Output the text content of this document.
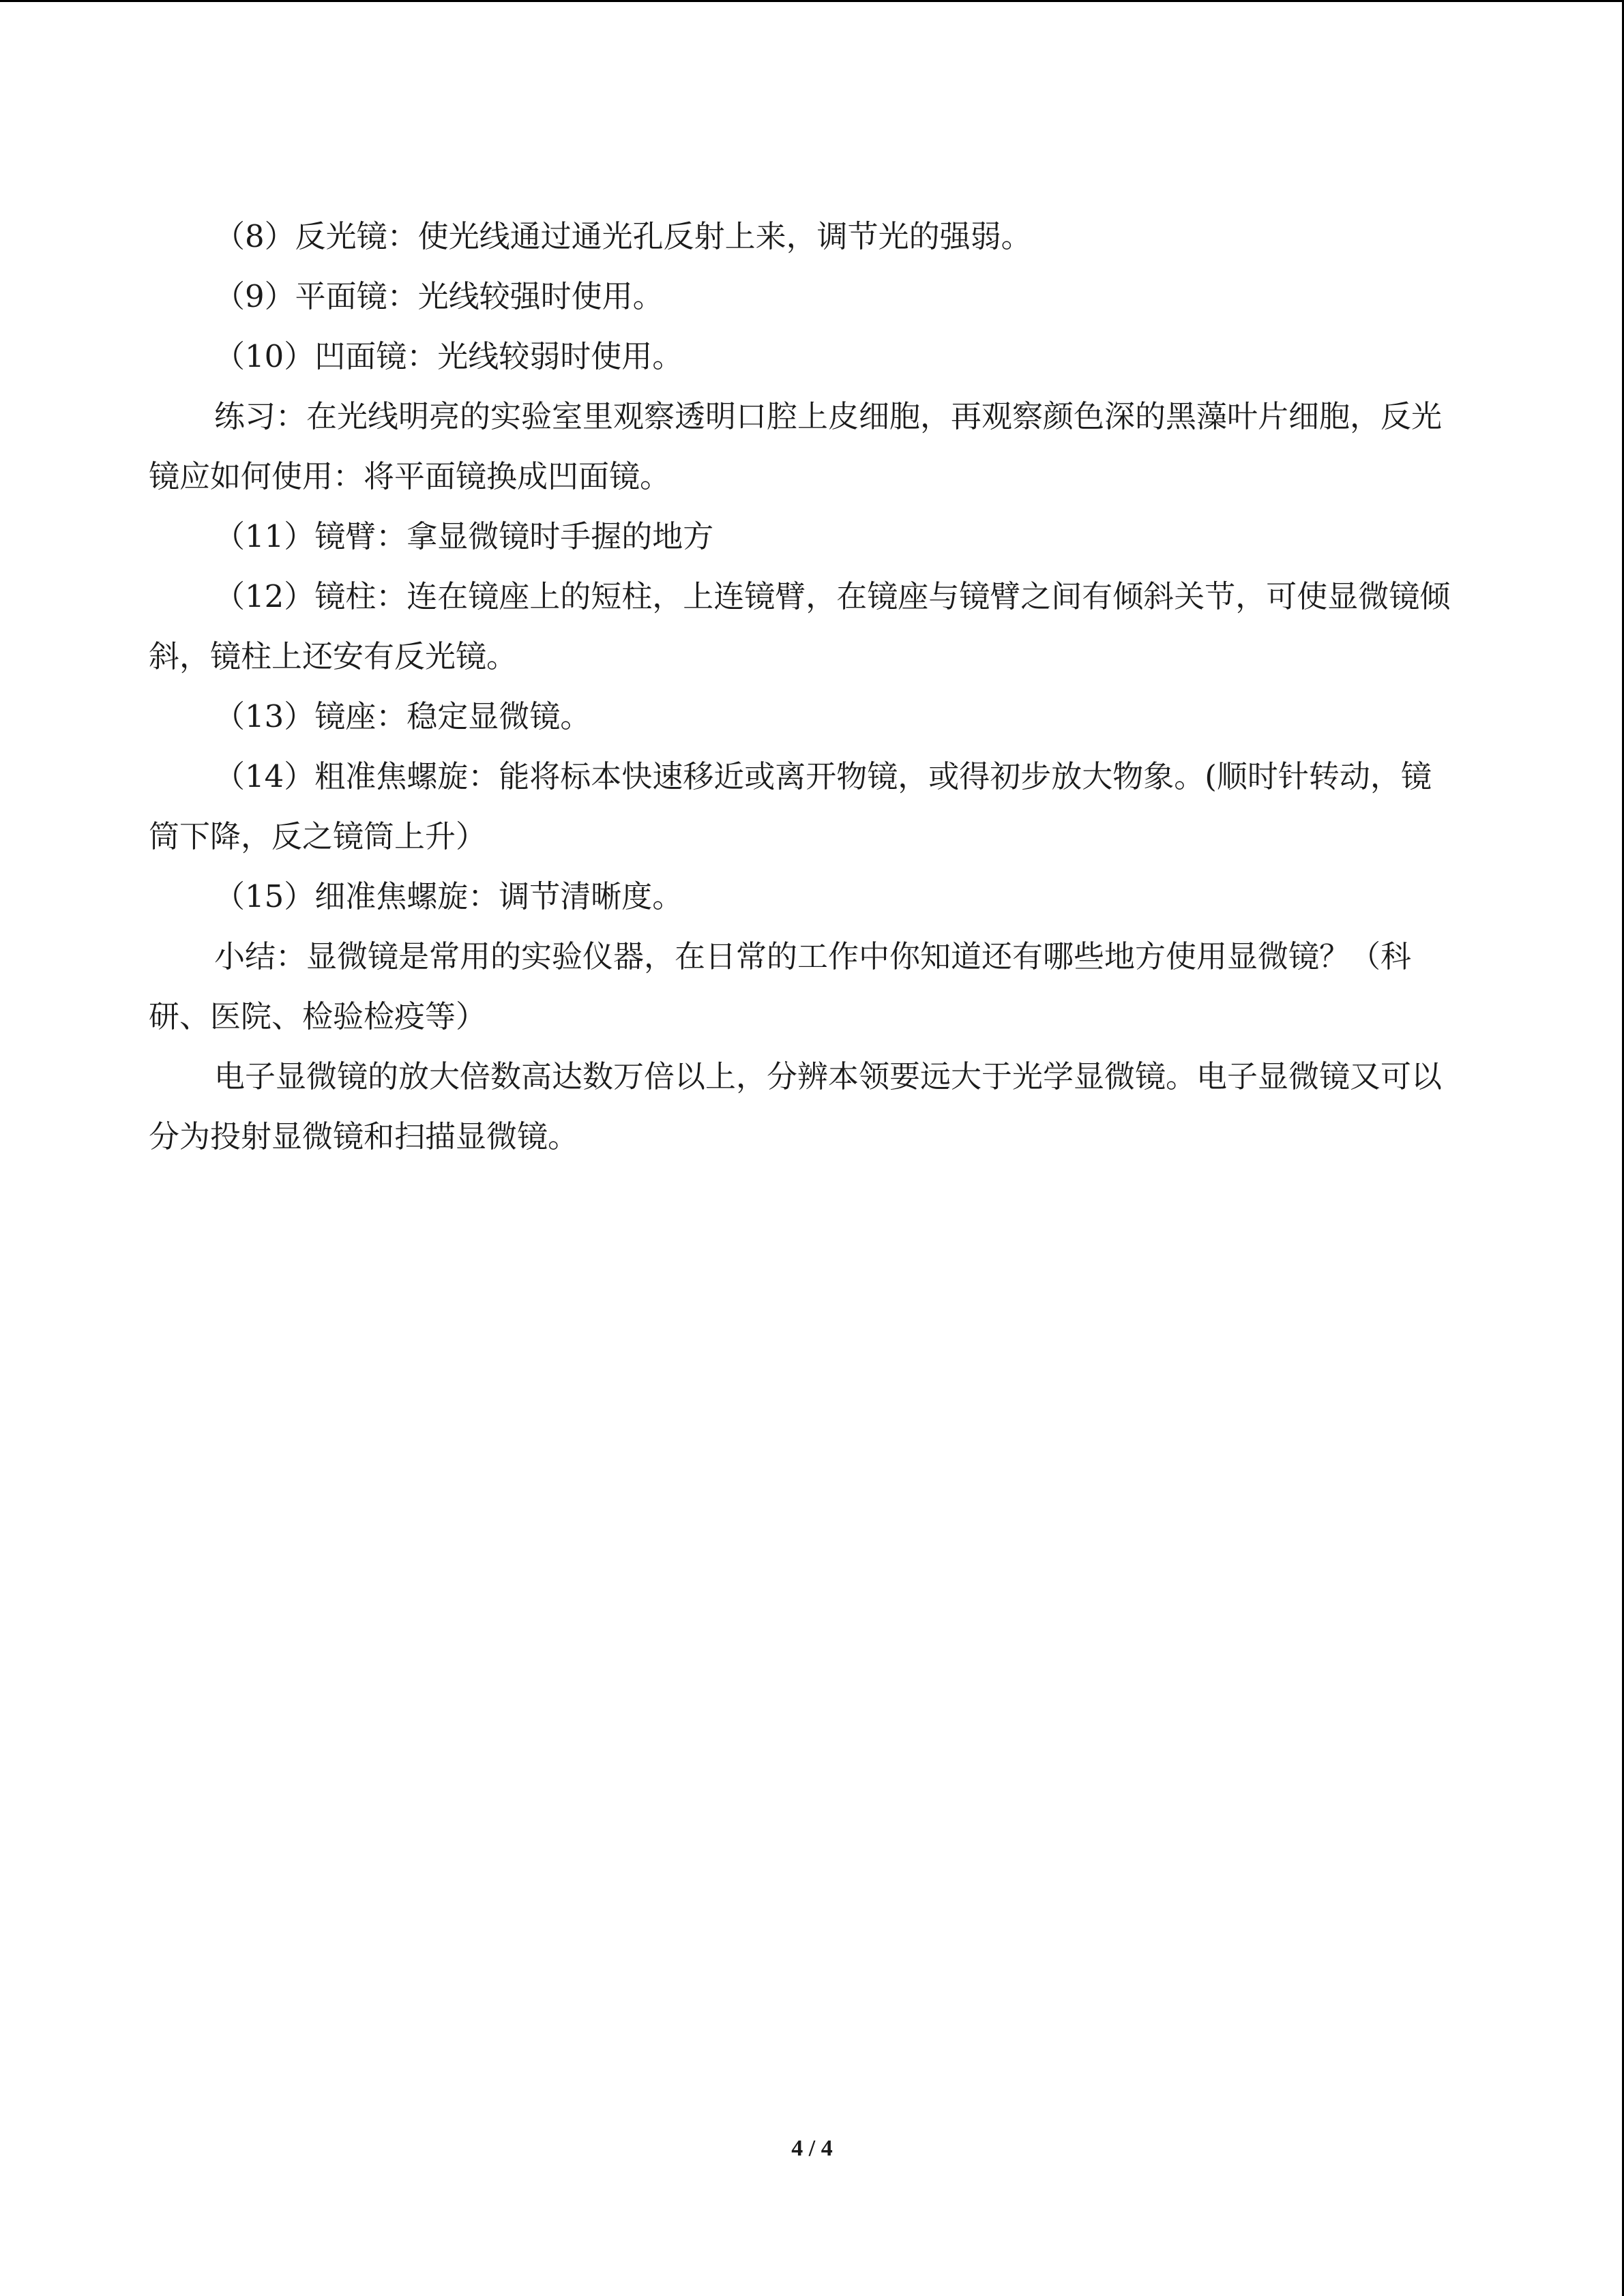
（8）反光镜：使光线通过通光孔反射上来，调节光的强弱。

（9）平面镜：光线较强时使用。

（10）凹面镜：光线较弱时使用。

练习：在光线明亮的实验室里观察透明口腔上皮细胞，再观察颜色深的黑藻叶片细胞，反光镜应如何使用：将平面镜换成凹面镜。

（11）镜臂：拿显微镜时手握的地方

（12）镜柱：连在镜座上的短柱，上连镜臂，在镜座与镜臂之间有倾斜关节，可使显微镜倾斜，镜柱上还安有反光镜。

（13）镜座：稳定显微镜。

（14）粗准焦螺旋：能将标本快速移近或离开物镜，或得初步放大物象。(顺时针转动，镜筒下降，反之镜筒上升）

（15）细准焦螺旋：调节清晰度。

小结：显微镜是常用的实验仪器，在日常的工作中你知道还有哪些地方使用显微镜？（科研、医院、检验检疫等）

电子显微镜的放大倍数高达数万倍以上，分辨本领要远大于光学显微镜。电子显微镜又可以分为投射显微镜和扫描显微镜。

4 / 4
